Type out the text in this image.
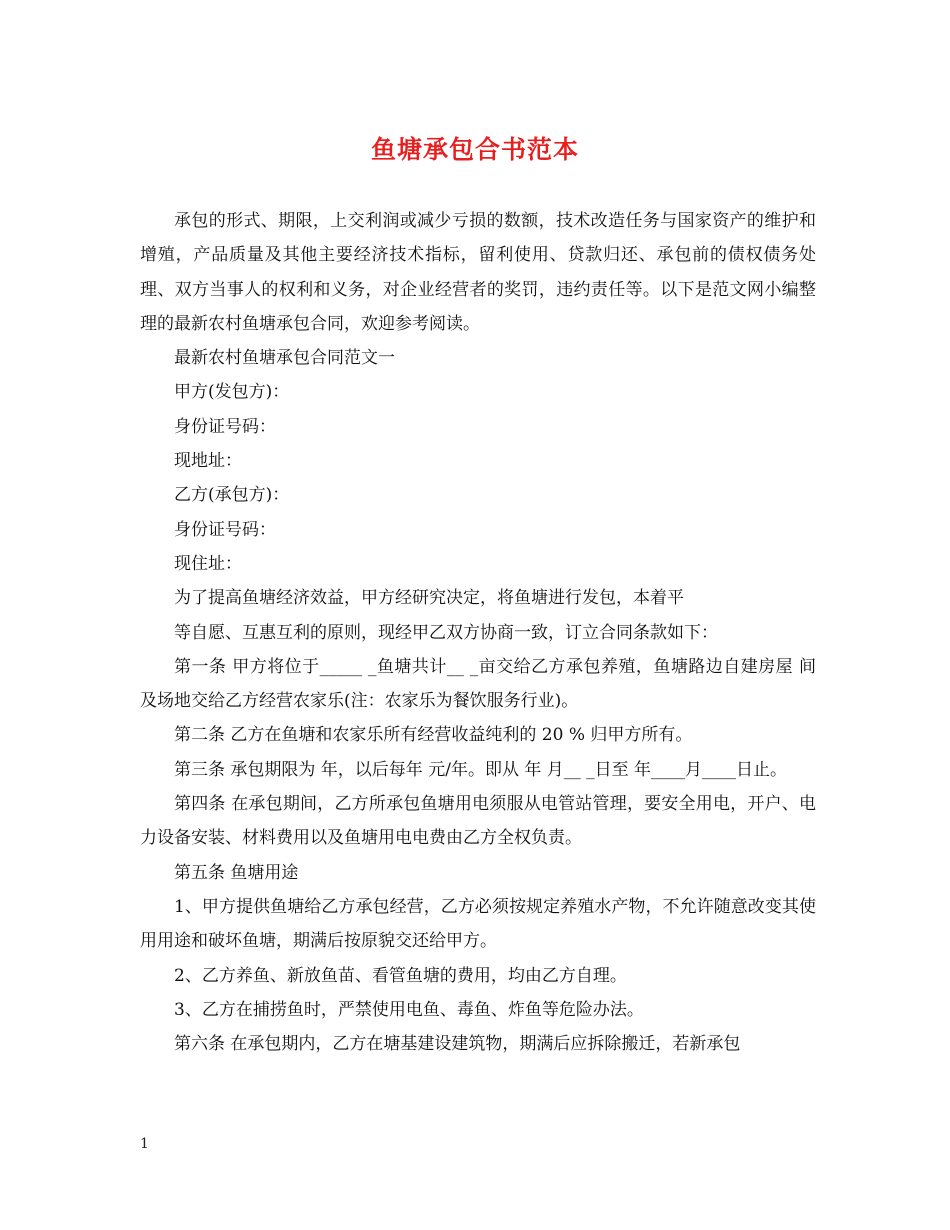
鱼塘承包合书范本

承包的形式、期限，上交利润或减少亏损的数额，技术改造任务与国家资产的维护和增殖，产品质量及其他主要经济技术指标，留利使用、贷款归还、承包前的债权债务处理、双方当事人的权利和义务，对企业经营者的奖罚，违约责任等。以下是范文网小编整理的最新农村鱼塘承包合同，欢迎参考阅读。

最新农村鱼塘承包合同范文一

甲方(发包方)：

身份证号码：

现地址：

乙方(承包方)：

身份证号码：

现住址：

为了提高鱼塘经济效益，甲方经研究决定，将鱼塘进行发包，本着平

等自愿、互惠互利的原则，现经甲乙双方协商一致，订立合同条款如下：

第一条 甲方将位于_____ _鱼塘共计__ _亩交给乙方承包养殖，鱼塘路边自建房屋 间及场地交给乙方经营农家乐(注：农家乐为餐饮服务行业)。

第二条 乙方在鱼塘和农家乐所有经营收益纯利的 20 % 归甲方所有。

第三条 承包期限为 年，以后每年 元/年。即从 年 月__ _日至 年____月____日止。

第四条 在承包期间，乙方所承包鱼塘用电须服从电管站管理，要安全用电，开户、电力设备安装、材料费用以及鱼塘用电电费由乙方全权负责。

第五条 鱼塘用途

1、甲方提供鱼塘给乙方承包经营，乙方必须按规定养殖水产物，不允许随意改变其使用用途和破坏鱼塘，期满后按原貌交还给甲方。

2、乙方养鱼、新放鱼苗、看管鱼塘的费用，均由乙方自理。

3、乙方在捕捞鱼时，严禁使用电鱼、毒鱼、炸鱼等危险办法。

第六条 在承包期内，乙方在塘基建设建筑物，期满后应拆除搬迁，若新承包

1
